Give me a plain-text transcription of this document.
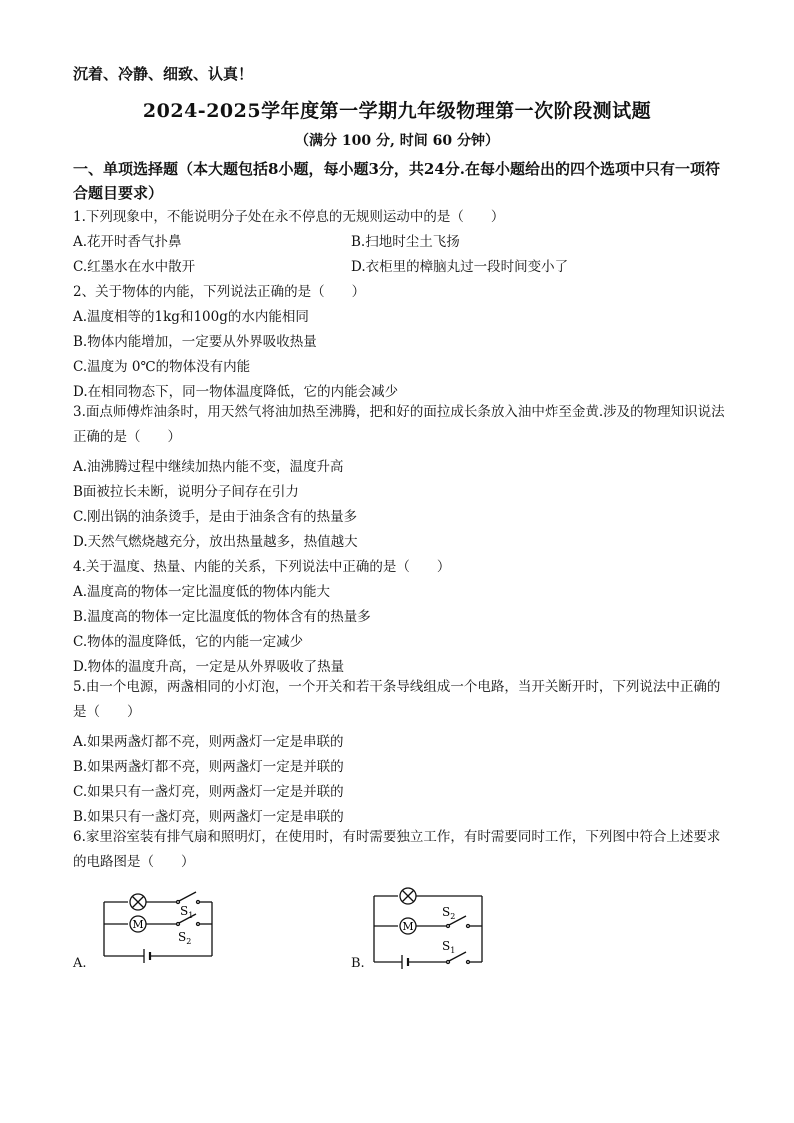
沉着、冷静、细致、认真！
2024-2025学年度第一学期九年级物理第一次阶段测试题
（满分 100 分, 时间 60 分钟）
一、单项选择题（本大题包括8小题，每小题3分，共24分.在每小题给出的四个选项中只有一项符合题目要求）
1.下列现象中，不能说明分子处在永不停息的无规则运动中的是（　　）
A.花开时香气扑鼻	B.扫地时尘土飞扬
C.红墨水在水中散开	D.衣柜里的樟脑丸过一段时间变小了
2、关于物体的内能，下列说法正确的是（　　）
A.温度相等的1kg和100g的水内能相同
B.物体内能增加，一定要从外界吸收热量
C.温度为 0℃的物体没有内能
D.在相同物态下，同一物体温度降低，它的内能会减少
3.面点师傅炸油条时，用天然气将油加热至沸腾，把和好的面拉成长条放入油中炸至金黄.涉及的物理知识说法正确的是（　　）
A.油沸腾过程中继续加热内能不变，温度升高
B面被拉长未断，说明分子间存在引力
C.刚出锅的油条烫手，是由于油条含有的热量多
D.天然气燃烧越充分，放出热量越多，热值越大
4.关于温度、热量、内能的关系，下列说法中正确的是（　　）
A.温度高的物体一定比温度低的物体内能大
B.温度高的物体一定比温度低的物体含有的热量多
C.物体的温度降低，它的内能一定减少
D.物体的温度升高，一定是从外界吸收了热量
5.由一个电源，两盏相同的小灯泡，一个开关和若干条导线组成一个电路，当开关断开时，下列说法中正确的是（　　）
A.如果两盏灯都不亮，则两盏灯一定是串联的
B.如果两盏灯都不亮，则两盏灯一定是并联的
C.如果只有一盏灯亮，则两盏灯一定是并联的
B.如果只有一盏灯亮，则两盏灯一定是串联的
6.家里浴室装有排气扇和照明灯，在使用时，有时需要独立工作，有时需要同时工作，下列图中符合上述要求的电路图是（　　）
M
$S_1$
$S_2$
A.
M
$S_2$
$S_1$
B.
